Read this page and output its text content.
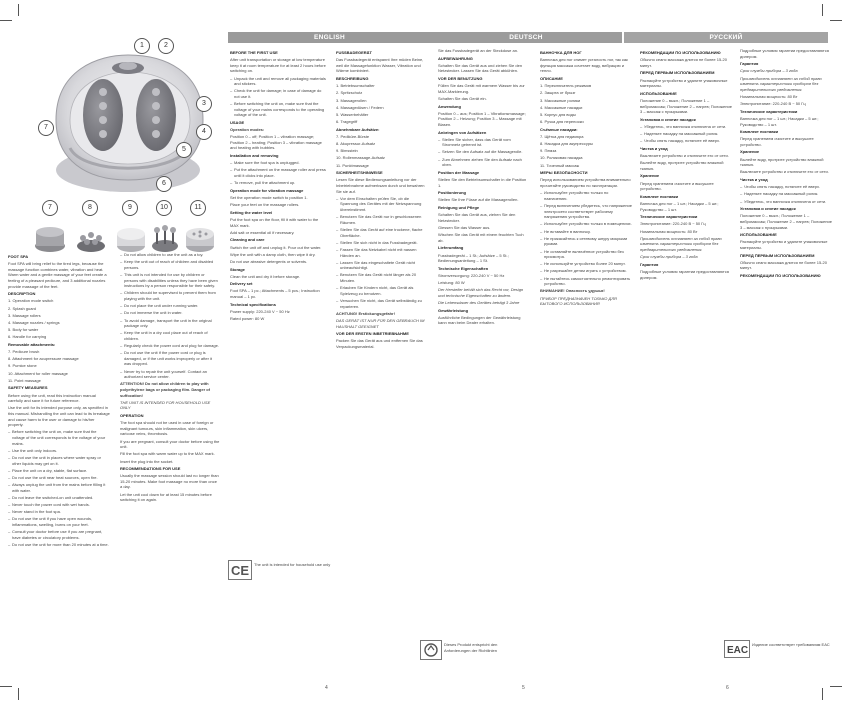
1	2
3
4
5
6
7
7	8	9	10	11
ENGLISH

FOOT SPA

Foot SPA will bring relief to the tired legs, because the massage function combines water, vibration and heat. Warm water and a gentle massage of your feet create a feeling of a pleasant pedicure, and 3 additional nozzles provide massage of the feet.

DESCRIPTION

1. Operation mode switch

2. Splash guard

3. Massage rollers

4. Massage nozzles / springs

5. Body for water

6. Handle for carrying

Removable attachments:

7. Pedicure brush

8. Attachment for acupressure massage

9. Pumice stone

10. Attachment for roller massage

11. Point massage

SAFETY MEASURES

Before using the unit, read this instruction manual carefully and save it for future reference.

Use the unit for its intended purpose only, as specified in this manual. Mishandling the unit can lead to its breakage and cause harm to the user or damage to his/her property.

– Before switching the unit on, make sure that the voltage of the unit corresponds to the voltage of your mains.

– Use the unit only indoors.

– Do not use the unit in places where water spray or other liquids may get on it.

– Place the unit on a dry, stable, flat surface.

– Do not use the unit near heat sources, open fire.

– Always unplug the unit from the mains before filling it with water.

– Do not leave the switched-on unit unattended.

– Never touch the power cord with wet hands.

– Never stand in the foot spa.

– Do not use the unit if you have open wounds, inflammations, swelling, burns on your feet.

– Consult your doctor before use if you are pregnant, have diabetes or circulatory problems.

– Do not use the unit for more than 20 minutes at a time.

– Do not allow children to use the unit as a toy.

– Keep the unit out of reach of children and disabled persons.

– This unit is not intended for use by children or persons with disabilities unless they have been given instructions by a person responsible for their safety.

– Children should be supervised to prevent them from playing with the unit.

– Do not place the unit under running water.

– Do not immerse the unit in water.

– To avoid damage, transport the unit in the original package only.

– Keep the unit in a dry cool place out of reach of children.

– Regularly check the power cord and plug for damage.

– Do not use the unit if the power cord or plug is damaged, or if the unit works improperly or after it was dropped.

– Never try to repair the unit yourself. Contact an authorized service center.

ATTENTION! Do not allow children to play with polyethylene bags or packaging film. Danger of suffocation!

THE UNIT IS INTENDED FOR HOUSEHOLD USE ONLY

OPERATION

The foot spa should not be used in case of foreign or malignant tumours, skin inflammation, skin ulcers, varicose veins, thrombosis.

If you are pregnant, consult your doctor before using the unit.

Fill the foot spa with warm water up to the MAX mark.

Insert the plug into the socket.

RECOMMENDATIONS FOR USE

Usually the massage session should last no longer than 15-20 minutes. Make foot massage no more than once a day.

Let the unit cool down for at least 15 minutes before switching it on again.

BEFORE THE FIRST USE

After unit transportation or storage at low temperature keep it at room temperature for at least 2 hours before switching on.

– Unpack the unit and remove all packaging materials and stickers.

– Check the unit for damage; in case of damage do not use it.

– Before switching the unit on, make sure that the voltage of your mains corresponds to the operating voltage of the unit.

USAGE

Operation modes:

Position 0 – off; Position 1 – vibration massage; Position 2 – heating; Position 3 – vibration massage and heating with bubbles.

Installation and removing

– Make sure the foot spa is unplugged.

– Put the attachment on the massage roller and press until it clicks into place.

– To remove, pull the attachment up.

Operation mode for vibration massage

Set the operation mode switch to position 1.

Place your feet on the massage rollers.

Setting the water level

Put the foot spa on the floor, fill it with water to the MAX mark.

Add salt or essential oil if necessary.

Cleaning and care

Switch the unit off and unplug it. Pour out the water.

Wipe the unit with a damp cloth, then wipe it dry.

Do not use abrasive detergents or solvents.

Storage

Clean the unit and dry it before storage.

Delivery set

Foot SPA – 1 pc.; Attachments – 5 pcs.; Instruction manual – 1 pc.

Technical specifications

Power supply: 220-240 V ~ 50 Hz

Rated power: 80 W

DEUTSCH

FUSSBADEGERÄT

Das Fussbadegerät entspannt Ihre müden Beine, weil die Massagefunktion Wasser, Vibration und Wärme kombiniert.

BESCHREIBUNG

1. Betriebsumschalter

2. Spritzschutz

3. Massagerollen

4. Massagedüsen / Federn

5. Wasserbehälter

6. Tragegriff

Abnehmbare Aufsätze:

7. Pediküre-Bürste

8. Akupressur-Aufsatz

9. Bimsstein

10. Rollenmassage-Aufsatz

11. Punktmassage

SICHERHEITSHINWEISE

Lesen Sie diese Bedienungsanleitung vor der Inbetriebnahme aufmerksam durch und bewahren Sie sie auf.

– Vor dem Einschalten prüfen Sie, ob die Spannung des Gerätes mit der Netzspannung übereinstimmt.

– Benutzen Sie das Gerät nur in geschlossenen Räumen.

– Stellen Sie das Gerät auf eine trockene, flache Oberfläche.

– Stellen Sie sich nicht in das Fussbadegerät.

– Fassen Sie das Netzkabel nicht mit nassen Händen an.

– Lassen Sie das eingeschaltete Gerät nicht unbeaufsichtigt.

– Benutzen Sie das Gerät nicht länger als 20 Minuten.

– Erlauben Sie Kindern nicht, das Gerät als Spielzeug zu benutzen.

– Versuchen Sie nicht, das Gerät selbständig zu reparieren.

ACHTUNG! Erstickungsgefahr!

DAS GERÄT IST NUR FÜR DEN GEBRAUCH IM HAUSHALT GEEIGNET

VOR DER ERSTEN INBETRIEBNAHME

Packen Sie das Gerät aus und entfernen Sie das Verpackungsmaterial.

Sie das Fussbadegerät an der Steckdose an.

AUFBEWAHRUNG

Schalten Sie das Gerät aus und ziehen Sie den Netzstecker. Lassen Sie das Gerät abkühlen.

VOR DER BENUTZUNG

Füllen Sie das Gerät mit warmem Wasser bis zur MAX-Markierung.

Schalten Sie das Gerät ein.

Anwendung

Position 0 – aus; Position 1 – Vibrationsmassage; Position 2 – Heizung; Position 3 – Massage mit Blasen.

Anbringen von Aufsätzen

– Stellen Sie sicher, dass das Gerät vom Stromnetz getrennt ist.

– Setzen Sie den Aufsatz auf die Massagerolle.

– Zum Abnehmen ziehen Sie den Aufsatz nach oben.

Position der Massage

Stellen Sie den Betriebsumschalter in die Position 1.

Positionierung

Stellen Sie Ihre Füsse auf die Massagerollen.

Reinigung und Pflege

Schalten Sie das Gerät aus, ziehen Sie den Netzstecker.

Giessen Sie das Wasser aus.

Wischen Sie das Gerät mit einem feuchten Tuch ab.

Lieferumfang

Fussbadegerät – 1 St.; Aufsätze – 5 St.; Bedienungsanleitung – 1 St.

Technische Eigenschaften

Stromversorgung: 220-240 V ~ 50 Hz

Leistung: 80 W

Der Hersteller behält sich das Recht vor, Design und technische Eigenschaften zu ändern.

Die Lebensdauer des Gerätes beträgt 3 Jahre

Gewährleistung

Ausführliche Bedingungen der Gewährleistung kann man beim Dealer erhalten.

РУССКИЙ

ВАННОЧКА ДЛЯ НОГ

Ванночка для ног снимет усталость ног, так как функция массажа сочетает воду, вибрацию и тепло.

ОПИСАНИЕ

1. Переключатель режимов

2. Защита от брызг

3. Массажные ролики

4. Массажные насадки

5. Корпус для воды

6. Ручка для переноски

Съёмные насадки:

7. Щётка для педикюра

8. Насадка для акупрессуры

9. Пемза

10. Роликовая насадка

11. Точечный массаж

МЕРЫ БЕЗОПАСНОСТИ

Перед использованием устройства внимательно прочитайте руководство по эксплуатации.

– Используйте устройство только по назначению.

– Перед включением убедитесь, что напряжение электросети соответствует рабочему напряжению устройства.

– Используйте устройство только в помещениях.

– Не вставайте в ванночку.

– Не прикасайтесь к сетевому шнуру мокрыми руками.

– Не оставляйте включённое устройство без присмотра.

– Не используйте устройство более 20 минут.

– Не разрешайте детям играть с устройством.

– Не пытайтесь самостоятельно ремонтировать устройство.

ВНИМАНИЕ! Опасность удушья!

ПРИБОР ПРЕДНАЗНАЧЕН ТОЛЬКО ДЛЯ БЫТОВОГО ИСПОЛЬЗОВАНИЯ

РЕКОМЕНДАЦИИ ПО ИСПОЛЬЗОВАНИЮ

Обычно сеанс массажа длится не более 15-20 минут.

ПЕРЕД ПЕРВЫМ ИСПОЛЬЗОВАНИЕМ

Распакуйте устройство и удалите упаковочные материалы.

ИСПОЛЬЗОВАНИЕ

Положение 0 – выкл.; Положение 1 – вибромассаж; Положение 2 – нагрев; Положение 3 – массаж с пузырьками.

Установка и снятие насадок

– Убедитесь, что ванночка отключена от сети.

– Наденьте насадку на массажный ролик.

– Чтобы снять насадку, потяните её вверх.

Чистка и уход

Выключите устройство и отключите его от сети.

Вылейте воду, протрите устройство влажной тканью.

Хранение

Перед хранением очистите и высушите устройство.

Комплект поставки

Ванночка для ног – 1 шт.; Насадки – 5 шт.; Руководство – 1 шт.

Технические характеристики

Электропитание: 220-240 В ~ 50 Гц

Номинальная мощность: 80 Вт

Производитель оставляет за собой право изменять характеристики приборов без предварительного уведомления.

Срок службы прибора – 3 года

Гарантия

Подробные условия гарантии предоставляются дилером.

Подробные условия гарантии предоставляются дилером.

Гарантия

Срок службы прибора – 3 года

Производитель оставляет за собой право изменять характеристики приборов без предварительного уведомления.

Номинальная мощность: 80 Вт

Электропитание: 220-240 В ~ 50 Гц

Технические характеристики

Ванночка для ног – 1 шт.; Насадки – 5 шт.; Руководство – 1 шт.

Комплект поставки

Перед хранением очистите и высушите устройство.

Хранение

Вылейте воду, протрите устройство влажной тканью.

Выключите устройство и отключите его от сети.

Чистка и уход

– Чтобы снять насадку, потяните её вверх.

– Наденьте насадку на массажный ролик.

– Убедитесь, что ванночка отключена от сети.

Установка и снятие насадок

Положение 0 – выкл.; Положение 1 – вибромассаж; Положение 2 – нагрев; Положение 3 – массаж с пузырьками.

ИСПОЛЬЗОВАНИЕ

Распакуйте устройство и удалите упаковочные материалы.

ПЕРЕД ПЕРВЫМ ИСПОЛЬЗОВАНИЕМ

Обычно сеанс массажа длится не более 15-20 минут.

РЕКОМЕНДАЦИИ ПО ИСПОЛЬЗОВАНИЮ

CE
EAC
The unit is intended for household use only
Dieses Produkt entspricht den Anforderungen der Richtlinien
Изделие соответствует требованиям ЕАС
4	5	6
